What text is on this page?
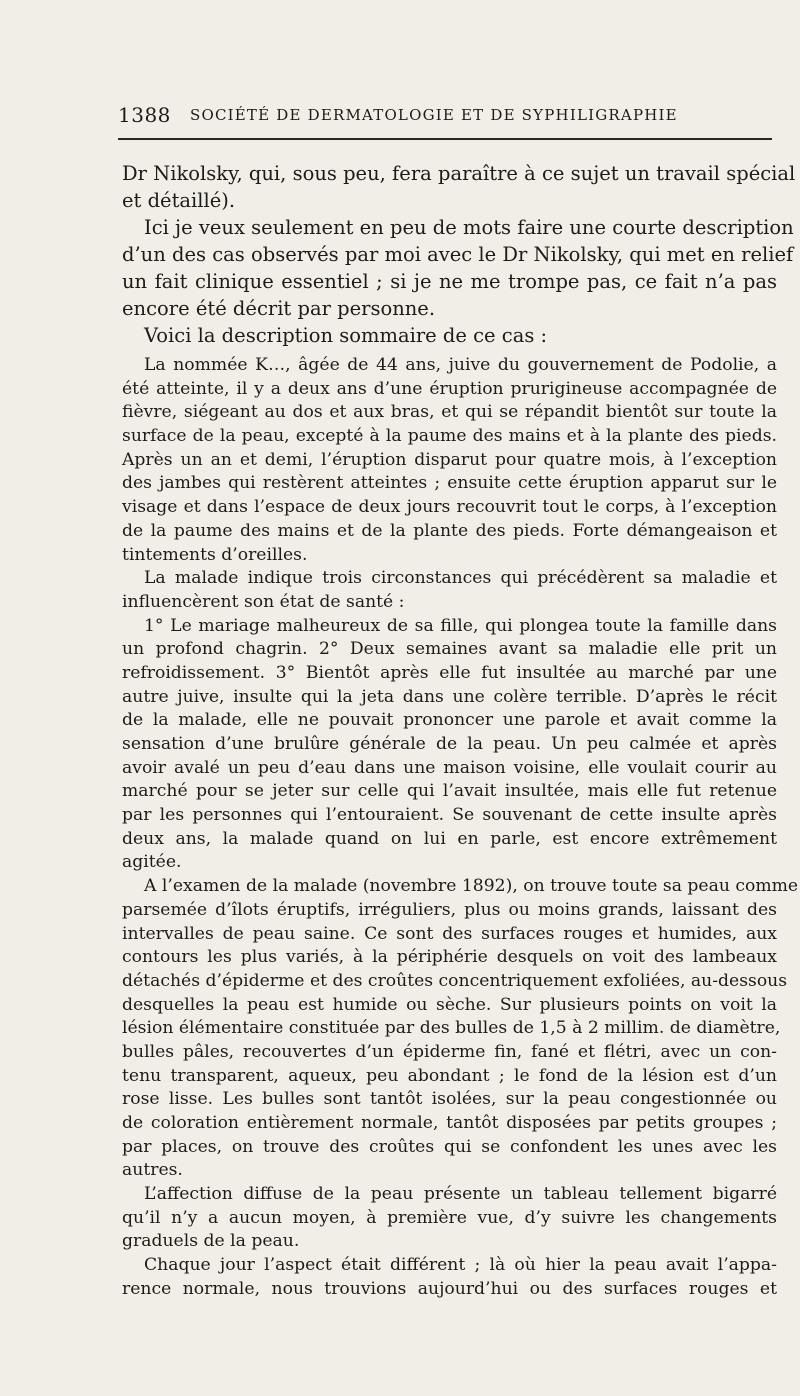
1388 SOCIÉTÉ DE DERMATOLOGIE ET DE SYPHILIGRAPHIE
Dr Nikolsky, qui, sous peu, fera paraître à ce sujet un travail spécial
et détaillé).
Ici je veux seulement en peu de mots faire une courte description
d’un des cas observés par moi avec le Dr Nikolsky, qui met en relief
un fait clinique essentiel ; si je ne me trompe pas, ce fait n’a pas
encore été décrit par personne.
Voici la description sommaire de ce cas :
La nommée K…, âgée de 44 ans, juive du gouvernement de Podolie, a
été atteinte, il y a deux ans d’une éruption prurigineuse accompagnée de
fièvre, siégeant au dos et aux bras, et qui se répandit bientôt sur toute la
surface de la peau, excepté à la paume des mains et à la plante des pieds.
Après un an et demi, l’éruption disparut pour quatre mois, à l’exception
des jambes qui restèrent atteintes ; ensuite cette éruption apparut sur le
visage et dans l’espace de deux jours recouvrit tout le corps, à l’exception
de la paume des mains et de la plante des pieds. Forte démangeaison et
tintements d’oreilles.
La malade indique trois circonstances qui précédèrent sa maladie et
influencèrent son état de santé :
1° Le mariage malheureux de sa fille, qui plongea toute la famille dans
un profond chagrin. 2° Deux semaines avant sa maladie elle prit un
refroidissement. 3° Bientôt après elle fut insultée au marché par une
autre juive, insulte qui la jeta dans une colère terrible. D’après le récit
de la malade, elle ne pouvait prononcer une parole et avait comme la
sensation d’une brulûre générale de la peau. Un peu calmée et après
avoir avalé un peu d’eau dans une maison voisine, elle voulait courir au
marché pour se jeter sur celle qui l’avait insultée, mais elle fut retenue
par les personnes qui l’entouraient. Se souvenant de cette insulte après
deux ans, la malade quand on lui en parle, est encore extrêmement
agitée.
A l’examen de la malade (novembre 1892), on trouve toute sa peau comme
parsemée d’îlots éruptifs, irréguliers, plus ou moins grands, laissant des
intervalles de peau saine. Ce sont des surfaces rouges et humides, aux
contours les plus variés, à la périphérie desquels on voit des lambeaux
détachés d’épiderme et des croûtes concentriquement exfoliées, au-dessous
desquelles la peau est humide ou sèche. Sur plusieurs points on voit la
lésion élémentaire constituée par des bulles de 1,5 à 2 millim. de diamètre,
bulles pâles, recouvertes d’un épiderme fin, fané et flétri, avec un con-
tenu transparent, aqueux, peu abondant ; le fond de la lésion est d’un
rose lisse. Les bulles sont tantôt isolées, sur la peau congestionnée ou
de coloration entièrement normale, tantôt disposées par petits groupes ;
par places, on trouve des croûtes qui se confondent les unes avec les
autres.
L’affection diffuse de la peau présente un tableau tellement bigarré
qu’il n’y a aucun moyen, à première vue, d’y suivre les changements
graduels de la peau.
Chaque jour l’aspect était différent ; là où hier la peau avait l’appa-
rence normale, nous trouvions aujourd’hui ou des surfaces rouges et
